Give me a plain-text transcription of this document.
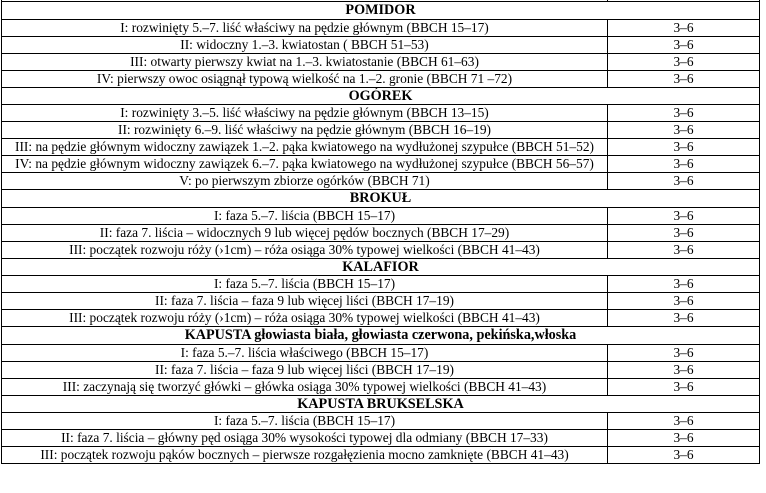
POMIDOR	
I: rozwinięty 5.–7. liść właściwy na pędzie głównym (BBCH 15–17)	3–6
II: widoczny 1.–3. kwiatostan ( BBCH 51–53)	3–6
III: otwarty pierwszy kwiat na 1.–3. kwiatostanie (BBCH 61–63)	3–6
IV: pierwszy owoc osiągnął typową wielkość na 1.–2. gronie (BBCH 71 –72)	3–6
OGÓREK	
I: rozwinięty 3.–5. liść właściwy na pędzie głównym (BBCH 13–15)	3–6
II: rozwinięty 6.–9. liść właściwy na pędzie głównym (BBCH 16–19)	3–6
III: na pędzie głównym widoczny zawiązek 1.–2. pąka kwiatowego na wydłużonej szypułce (BBCH 51–52)	3–6
IV: na pędzie głównym widoczny zawiązek 6.–7. pąka kwiatowego na wydłużonej szypułce (BBCH 56–57)	3–6
V: po pierwszym zbiorze ogórków (BBCH 71)	3–6
BROKUŁ	
I: faza 5.–7. liścia (BBCH 15–17)	3–6
II: faza 7. liścia – widocznych 9 lub więcej pędów bocznych (BBCH 17–29)	3–6
III: początek rozwoju róży (›1cm) – róża osiąga 30% typowej wielkości (BBCH 41–43)	3–6
KALAFIOR	
I: faza 5.–7. liścia (BBCH 15–17)	3–6
II: faza 7. liścia – faza 9 lub więcej liści (BBCH 17–19)	3–6
III: początek rozwoju róży (›1cm) – róża osiąga 30% typowej wielkości (BBCH 41–43)	3–6
KAPUSTA głowiasta biała, głowiasta czerwona, pekińska,włoska	
I: faza 5.–7. liścia właściwego (BBCH 15–17)	3–6
II: faza 7. liścia – faza 9 lub więcej liści (BBCH 17–19)	3–6
III: zaczynają się tworzyć główki – główka osiąga 30% typowej wielkości (BBCH 41–43)	3–6
KAPUSTA BRUKSELSKA	
I: faza 5.–7. liścia (BBCH 15–17)	3–6
II: faza 7. liścia – główny pęd osiąga 30% wysokości typowej dla odmiany (BBCH 17–33)	3–6
III: początek rozwoju pąków bocznych – pierwsze rozgałęzienia mocno zamknięte (BBCH 41–43)	3–6
